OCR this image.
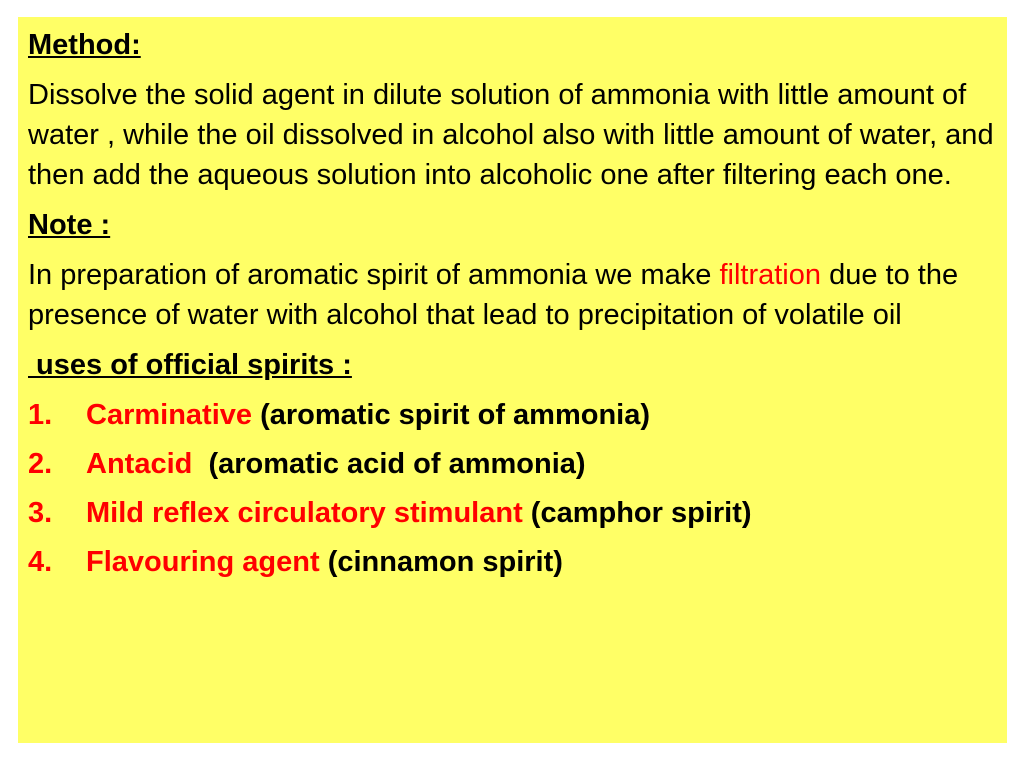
Method:
Dissolve the solid agent in dilute solution of ammonia with little amount of water , while the oil dissolved in alcohol also with little amount of water, and then add the aqueous solution into alcoholic one after filtering each one.
Note :
In preparation of aromatic spirit of ammonia we make filtration due to the presence of water with alcohol that lead to precipitation of volatile oil
uses of official spirits :
1.	Carminative (aromatic spirit of ammonia)
2.	Antacid  (aromatic acid of ammonia)
3.	Mild reflex circulatory stimulant (camphor spirit)
4.	Flavouring agent (cinnamon spirit)
